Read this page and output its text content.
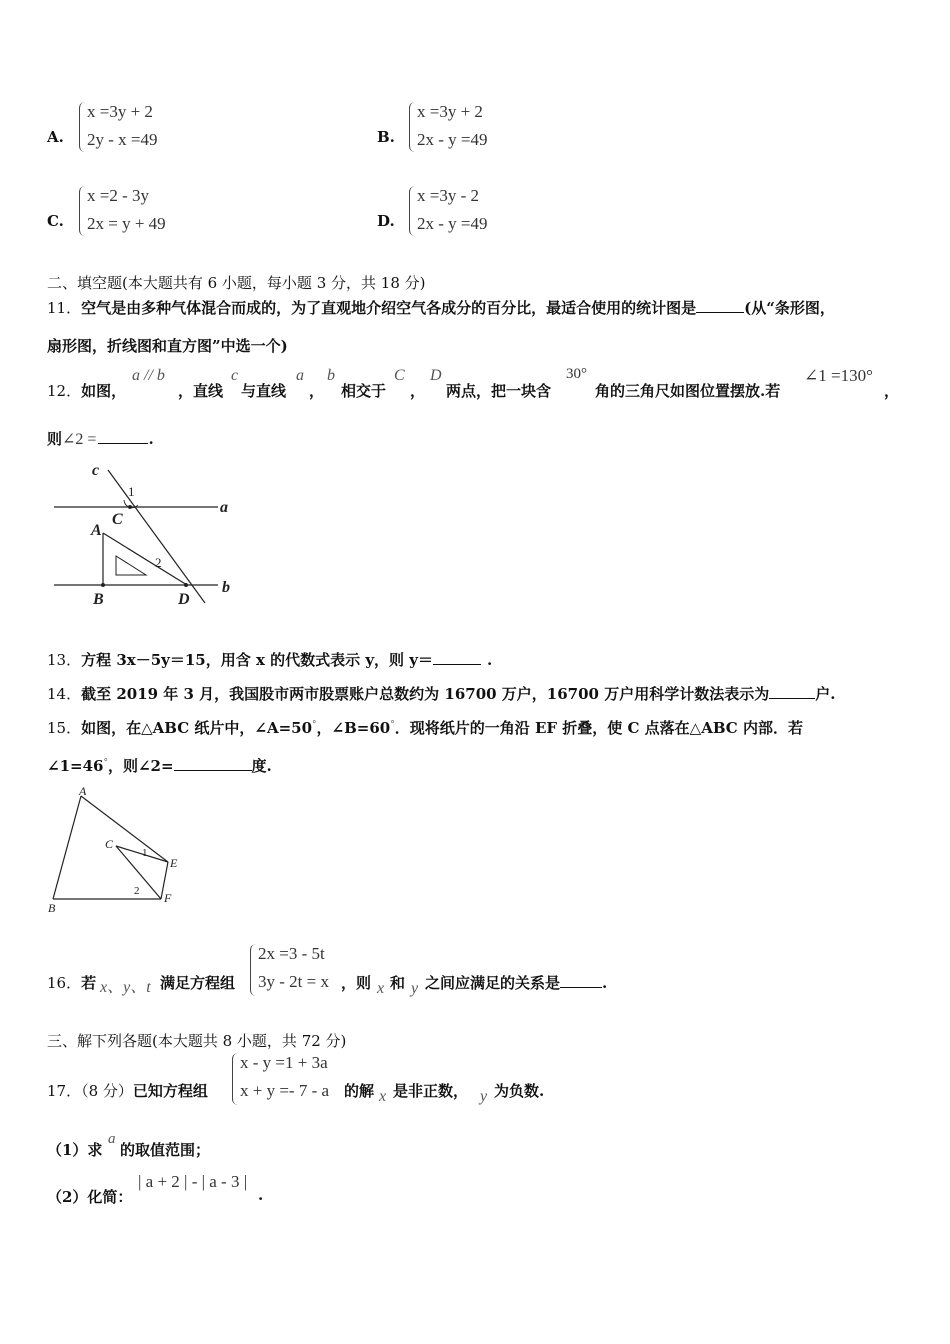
A.
x =3y + 2
2y - x =49	B.
x =3y + 2
2x - y =49
C.
x =2 - 3y
2x = y + 49	D.
x =3y - 2
2x - y =49
二、填空题(本大题共有 6 小题，每小题 3 分，共 18 分)
11．空气是由多种气体混合而成的，为了直观地介绍空气各成分的百分比，最适合使用的统计图是	(从“条形图，
扇形图，折线图和直方图”中选一个)
12．如图，
a // b
，直线
c
与直线
a
，
b
相交于
C
，
D
两点，把一块含
30°
角的三角尺如图位置摆放.若
∠1 =130°
，
则∠2 =	.
c
1
C
a
A
2
B	D
b
13．方程 3x－5y＝15，用含 x 的代数式表示 y，则 y＝	.
14．截至 2019 年 3 月，我国股市两市股票账户总数约为 16700 万户，16700 万户用科学计数法表示为	户.
15．如图，在△ABC 纸片中，∠A=50°，∠B=60°．现将纸片的一角沿 EF 折叠，使 C 点落在△ABC 内部．若
∠1=46°，则∠2=	度.
A
C
1
E
2 F
B
16．若 x、y、t 满足方程组
2x =3 - 5t
3y - 2t = x ，则 x 和 y 之间应满足的关系是	.
三、解下列各题(本大题共 8 小题，共 72 分)
17．（8 分）已知方程组
x - y =1 + 3a
x + y =- 7 - a 的解 x 是非正数， y 为负数.
（1）求
a
的取值范围；
（2）化简：
| a + 2 | - | a - 3 |
.
